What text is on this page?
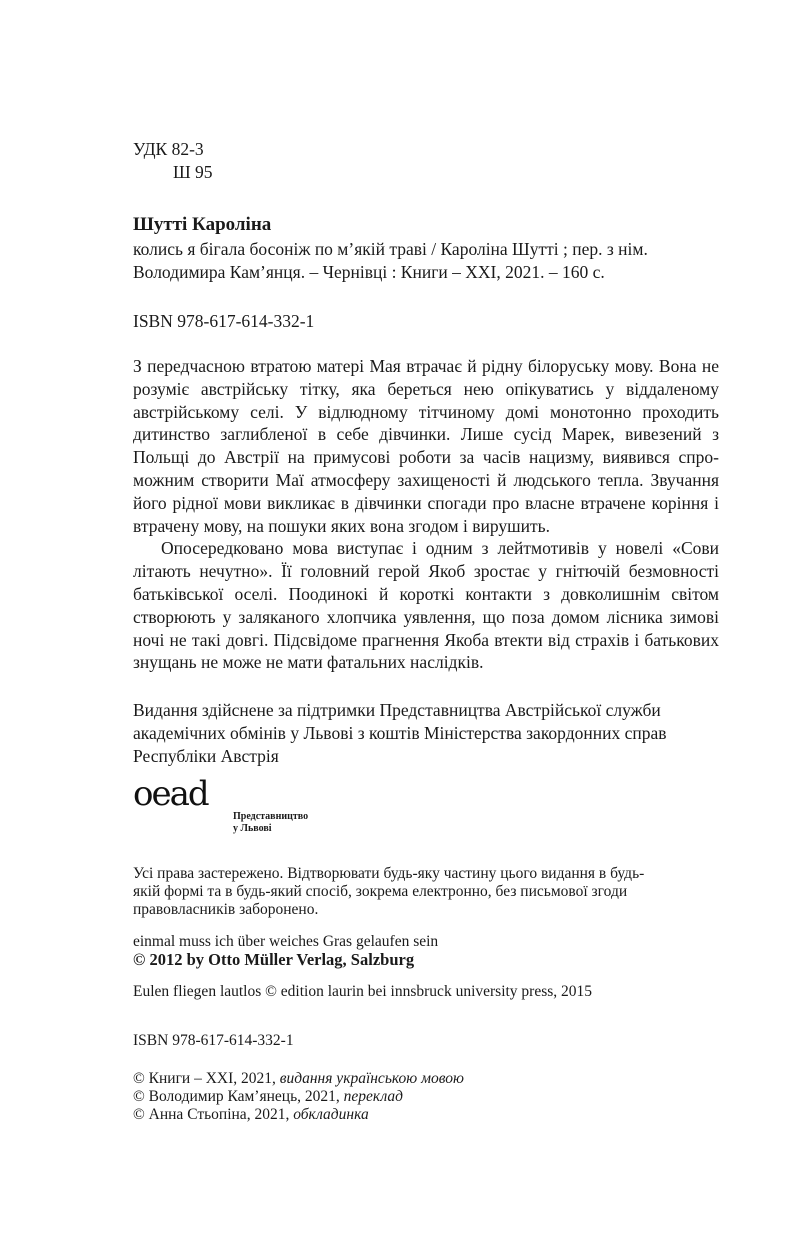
УДК 82-3
Ш 95
Шутті Кароліна
колись я бігала босоніж по м’якій траві / Кароліна Шутті ; пер. з нім.
Володимира Кам’янця. – Чернівці : Книги – XXI, 2021. – 160 с.
ISBN 978-617-614-332-1

З передчасною втратою матері Мая втрачає й рідну білоруську мову. Вона не розуміє австрійську тітку, яка береться нею опікуватись у віддаленому австрійському селі. У відлюдному тітчиному домі монотонно проходить дитинство заглибленої в себе дівчинки. Лише сусід Марек, вивезений з Польщі до Австрії на примусові роботи за часів нацизму, виявився спроможним створити Маї атмосферу захищеності й людського тепла. Звучання його рідної мови викликає в дівчинки спогади про власне втрачене коріння і втрачену мову, на пошуки яких вона згодом і вирушить.

Опосередковано мова виступає і одним з лейтмотивів у новелі «Сови літають нечутно». Її головний герой Якоб зростає у гнітючій безмовності батьківської оселі. Поодинокі й короткі контакти з довколишнім світом створюють у заляканого хлопчика уявлення, що поза домом лісника зимові ночі не такі довгі. Підсвідоме прагнення Якоба втекти від страхів і батькових знущань не може не мати фатальних наслідків.

Видання здійснене за підтримки Представництва Австрійської служби
академічних обмінів у Львові з коштів Міністерства закордонних справ
Республіки Австрія
oead
Представництво
у Львові
Усі права застережено. Відтворювати будь-яку частину цього видання в будь-
якій формі та в будь-який спосіб, зокрема електронно, без письмової згоди
правовласників заборонено.
einmal muss ich über weiches Gras gelaufen sein
© 2012 by Otto Müller Verlag, Salzburg
Eulen fliegen lautlos © edition laurin bei innsbruck university press, 2015
ISBN 978-617-614-332-1
© Книги – XXI, 2021, видання українською мовою
© Володимир Кам’янець, 2021, переклад
© Анна Стьопіна, 2021, обкладинка
